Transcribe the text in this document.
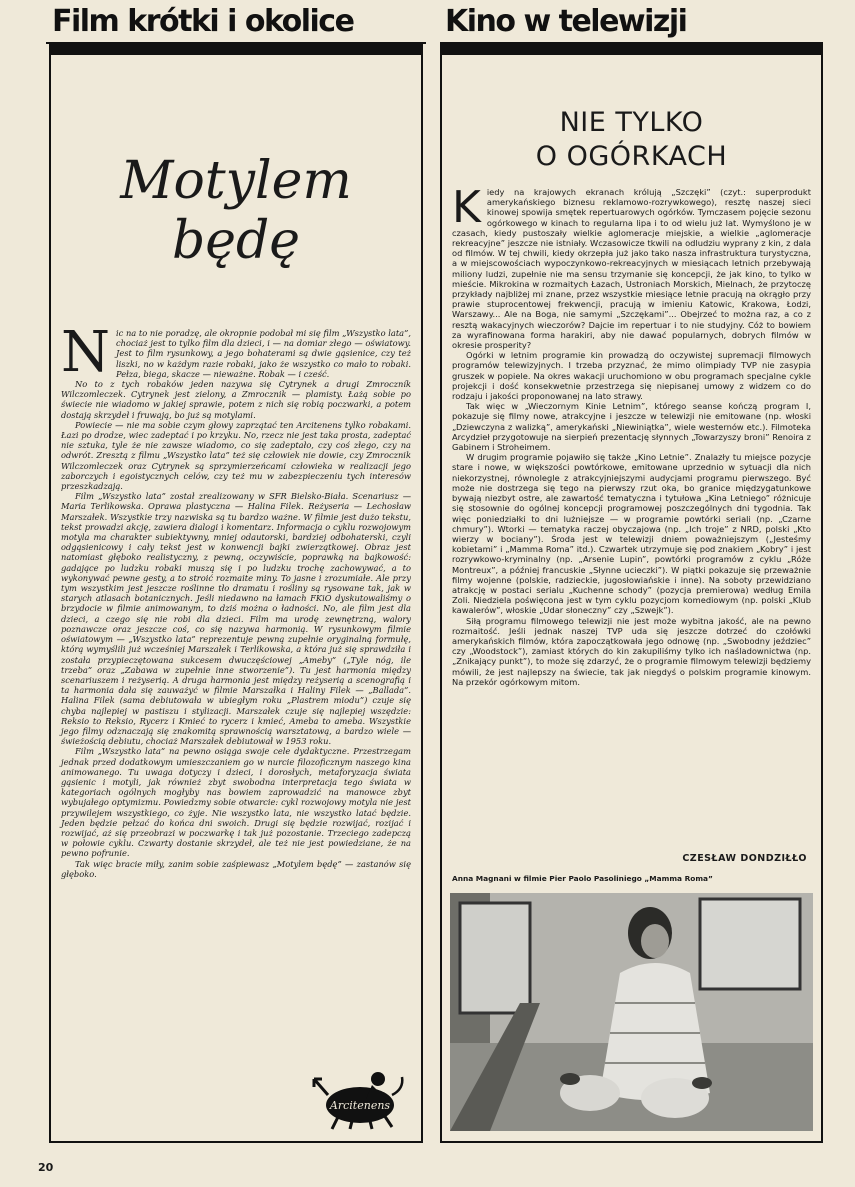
Film krótki i okolice	Kino w telewizji
Motylem
będę
N ic na to nie poradzę, ale okropnie podobał mi się film „Wszystko lata”, chociaż jest to tylko film dla dzieci, i — na domiar złego — oświatowy. Jest to film rysunkowy, a jego bohaterami są dwie gąsienice, czy też liszki, no w każdym razie robaki, jako że wszystko co mało to robaki. Pełza, biega, skacze — nieważne. Robak — i cześć.

No to z tych robaków jeden nazywa się Cytrynek a drugi Zmroczník Wilczomleczek. Cytrynek jest zielony, a Zmrocznik — plamisty. Łażą sobie po świecie nie wiadomo w jakiej sprawie, potem z nich się robią poczwarki, a potem dostają skrzydeł i fruwają, bo już są motylami.

Powiecie — nie ma sobie czym głowy zaprzątać ten Arcitenens tylko robakami. Łazi po drodze, wiec zadeptać i po krzyku. No, rzecz nie jest taka prosta, zadeptać nie sztuka, tyle że nie zawsze wiadomo, co się zadeptało, czy coś złego, czy na odwrót. Zresztą z filmu „Wszystko lata” też się człowiek nie dowie, czy Zmrocznik Wilczomleczek oraz Cytrynek są sprzymierzeńcami człowieka w realizacji jego zaborczych i egoistycznych celów, czy też mu w zabezpieczeniu tych interesów przeszkadzają.

Film „Wszystko lata” został zrealizowany w SFR Bielsko-Biała. Scenariusz — Maria Terlikowska. Oprawa plastyczna — Halina Filek. Reżyseria — Lechosław Marszałek. Wszystkie trzy nazwiska są tu bardzo ważne. W filmie jest dużo tekstu, tekst prowadzi akcję, zawiera dialogi i komentarz. Informacja o cyklu rozwojowym motyla ma charakter subiektywny, mniej odautorski, bardziej odbohaterski, czyli odgąsienicowy i cały tekst jest w konwencji bajki zwierzątkowej. Obraz jest natomiast głęboko realistyczny, z pewną, oczywiście, poprawką na bajkowość: gadające po ludzku robaki muszą się i po ludzku trochę zachowywać, a to wykonywać pewne gesty, a to stroić rozmaite miny. To jasne i zrozumiałe. Ale przy tym wszystkim jest jeszcze roślinne tło dramatu i rośliny są rysowane tak, jak w starych atlasach botanicznych. Jeśli niedawno na łamach FKiO dyskutowaliśmy o brzydocie w filmie animowanym, to dziś można o ładności. No, ale film jest dla dzieci, a czego się nie robi dla dzieci. Film ma urodę zewnętrzną, walory poznawcze oraz jeszcze coś, co się nazywa harmonią. W rysunkowym filmie oświatowym — „Wszystko lata” reprezentuje pewną zupełnie oryginalną formułę, którą wymyślili już wcześniej Marszałek i Terlikowska, a która już się sprawdziła i została przypieczętowana sukcesem dwuczęściowej „Ameby” („Tyle nóg, ile trzeba” oraz „Zabawa w zupełnie inne stworzenie”). Tu jest harmonia między scenariuszem i reżyserią. A druga harmonia jest między reżyserią a scenografią i ta harmonia dała się zauważyć w filmie Marszałka i Haliny Filek — „Ballada”. Halina Filek (sama debiutowała w ubiegłym roku „Plastrem miodu”) czuje się chyba najlepiej w pastiszu i stylizacji. Marszałek czuje się najlepiej wszędzie: Reksio to Reksio, Rycerz i Kmieć to rycerz i kmieć, Ameba to ameba. Wszystkie jego filmy odznaczają się znakomitą sprawnością warsztatową, a bardzo wiele — świeżością debiutu, chociaż Marszałek debiutował w 1953 roku.

Film „Wszystko lata” na pewno osiąga swoje cele dydaktyczne. Przestrzegam jednak przed dodatkowym umieszczaniem go w nurcie filozoficznym naszego kina animowanego. Tu uwaga dotyczy i dzieci, i dorosłych, metaforyzacja świata gąsienic i motyli, jak również zbyt swobodna interpretacja tego świata w kategoriach ogólnych mogłyby nas bowiem zaprowadzić na manowce zbyt wybujałego optymizmu. Powiedzmy sobie otwarcie: cykl rozwojowy motyla nie jest przywilejem wszystkiego, co żyje. Nie wszystko lata, nie wszystko latać będzie. Jeden będzie pełzać do końca dni swoich. Drugi się będzie rozwijać, rozijać i rozwijać, aż się przeobrazi w poczwarkę i tak już pozostanie. Trzeciego zadepczą w połowie cyklu. Czwarty dostanie skrzydeł, ale też nie jest powiedziane, że na pewno pofrunie.

Tak więc bracie miły, zanim sobie zaśpiewasz „Motylem będę” — zastanów się głęboko.

Arcitenens
NIE TYLKO
O OGÓRKACH
K iedy na krajowych ekranach królują „Szczęki” (czyt.: superprodukt amerykańskiego biznesu reklamowo-rozrywkowego), resztę naszej sieci kinowej spowija smętek repertuarowych ogórków. Tymczasem pojęcie sezonu ogórkowego w kinach to regularna lipa i to od wielu już lat. Wymyślono je w czasach, kiedy pustoszały wielkie aglomeracje miejskie, a wielkie „aglomeracje rekreacyjne” jeszcze nie istniały. Wczasowicze tkwili na odludziu wyprany z kin, z dala od filmów. W tej chwili, kiedy okrzepła już jako tako nasza infrastruktura turystyczna, a w miejscowościach wypoczynkowo-rekreacyjnych w miesiącach letnich przebywają miliony ludzi, zupełnie nie ma sensu trzymanie się koncepcji, że jak kino, to tylko w mieście. Mikrokina w rozmaitych Łazach, Ustroniach Morskich, Mielnach, że przytoczę przykłady najbliżej mi znane, przez wszystkie miesiące letnie pracują na okrągło przy prawie stuprocentowej frekwencji, pracują w imieniu Katowic, Krakowa, Łodzi, Warszawy... Ale na Boga, nie samymi „Szczękami”... Obejrzeć to można raz, a co z resztą wakacyjnych wieczorów? Dajcie im repertuar i to nie studyjny. Cóż to bowiem za wyrafinowana forma harakiri, aby nie dawać popularnych, dobrych filmów w okresie prosperity?

Ogórki w letnim programie kin prowadzą do oczywistej supremacji filmowych programów telewizyjnych. I trzeba przyznać, że mimo olimpiady TVP nie zasypia gruszek w popiele. Na okres wakacji uruchomiono w obu programach specjalne cykle projekcji i dość konsekwetnie przestrzega się niepisanej umowy z widzem co do rodzaju i jakości proponowanej na lato strawy.

Tak więc w „Wieczornym Kinie Letnim”, którego seanse kończą program I, pokazuje się filmy nowe, atrakcyjne i jeszcze w telewizji nie emitowane (np. włoski „Dziewczyna z walizką”, amerykański „Niewiniątka”, wiele westernów etc.). Filmoteka Arcydzieł przygotowuje na sierpień prezentację słynnych „Towarzyszy broni” Renoira z Gabinem i Stroheimem.

W drugim programie pojawiło się także „Kino Letnie”. Znalazły tu miejsce pozycje stare i nowe, w większości powtórkowe, emitowane uprzednio w sytuacji dla nich niekorzystnej, równolegle z atrakcyjniejszymi audycjami programu pierwszego. Być może nie dostrzega się tego na pierwszy rzut oka, bo granice międzygatunkowe bywają niezbyt ostre, ale zawartość tematyczna i tytułowa „Kina Letniego” różnicuje się stosownie do ogólnej koncepcji programowej poszczególnych dni tygodnia. Tak więc poniedziałki to dni lużniejsze — w programie powtórki seriali (np. „Czarne chmury”). Wtorki — tematyka raczej obyczajowa (np. „Ich troje” z NRD, polski „Kto wierzy w bociany”). Środa jest w telewizji dniem poważniejszym („Jesteśmy kobietami” i „Mamma Roma” itd.). Czwartek utrzymuje się pod znakiem „Kobry” i jest rozrywkowo-kryminalny (np. „Arsenie Lupin”, powtórki programów z cyklu „Róże Montreux”, a później francuskie „Słynne ucieczki”). W piątki pokazuje się przeważnie filmy wojenne (polskie, radzieckie, jugosłowiańskie i inne). Na soboty przewidziano atrakcję w postaci serialu „Kuchenne schody” (pozycja premierowa) według Emila Zoli. Niedziela poświęcona jest w tym cyklu pozycjom komediowym (np. polski „Klub kawalerów”, włoskie „Udar słoneczny” czy „Szwejk”).

Siłą programu filmowego telewizji nie jest może wybitna jakość, ale na pewno rozmaitość. Jeśli jednak naszej TVP uda się jeszcze dotrzeć do czołówki amerykańskich filmów, która zapoczątkowała jego odnowę (np. „Swobodny jeździec” czy „Woodstock”), zamiast których do kin zakupiliśmy tylko ich naśladownictwa (np. „Znikający punkt”), to może się zdarzyć, że o programie filmowym telewizji będziemy mówili, że jest najlepszy na świecie, tak jak niegdyś o polskim programie kinowym. Na przekór ogórkowym mitom.

CZESŁAW DONDZIŁŁO
Anna Magnani w filmie Pier Paolo Pasoliniego „Mamma Roma”
20
